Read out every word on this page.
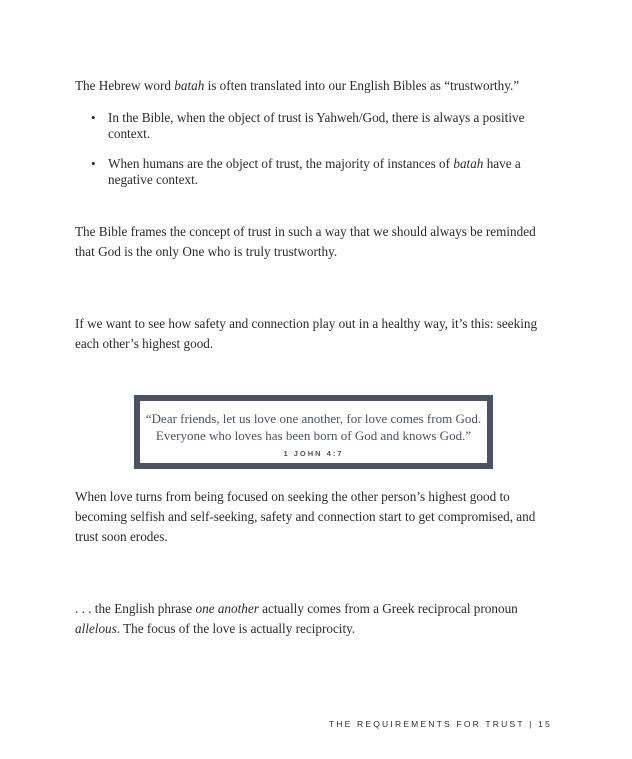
The Hebrew word batah is often translated into our English Bibles as “trustworthy.”

• In the Bible, when the object of trust is Yahweh/God, there is always a positive context.
• When humans are the object of trust, the majority of instances of batah have a negative context.

The Bible frames the concept of trust in such a way that we should always be reminded that God is the only One who is truly trustworthy.

If we want to see how safety and connection play out in a healthy way, it’s this: seeking each other’s highest good.

“Dear friends, let us love one another, for love comes from God.
Everyone who loves has been born of God and knows God.”
1 JOHN 4:7

When love turns from being focused on seeking the other person’s highest good to becoming selfish and self-seeking, safety and connection start to get compromised, and trust soon erodes.

. . . the English phrase one another actually comes from a Greek reciprocal pronoun allelous. The focus of the love is actually reciprocity.

THE REQUIREMENTS FOR TRUST | 15
